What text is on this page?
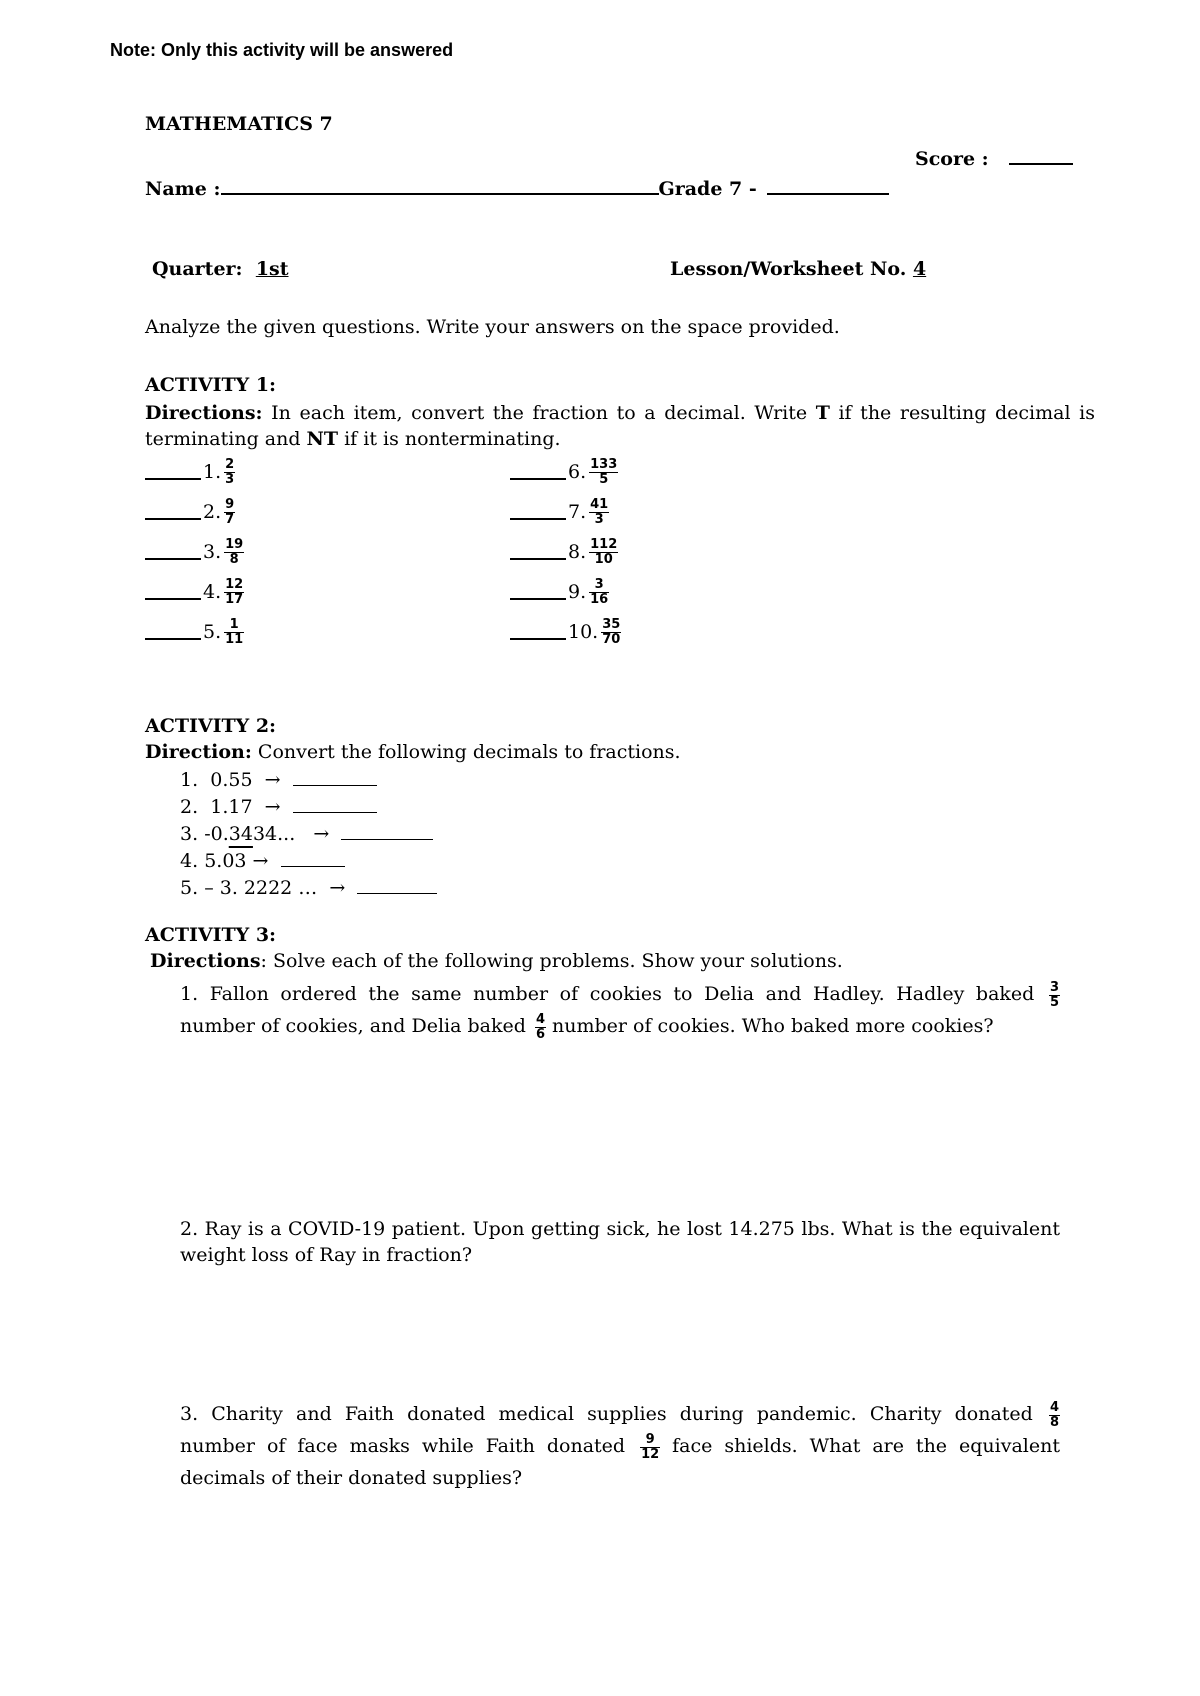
Note: Only this activity will be answered
MATHEMATICS 7
Score :
Name :	Grade 7 -
Quarter: 1st	Lesson/Worksheet No. 4
Analyze the given questions. Write your answers on the space provided.
ACTIVITY 1:
Directions: In each item, convert the fraction to a decimal. Write T if the resulting decimal is terminating and NT if it is nonterminating.
1. $\frac{2}{3}$
2. $\frac{9}{7}$
3. $\frac{19}{8}$
4. $\frac{12}{17}$
5. $\frac{1}{11}$
6. $\frac{133}{5}$
7. $\frac{41}{3}$
8. $\frac{112}{10}$
9. $\frac{3}{16}$
10. $\frac{35}{70}$
ACTIVITY 2:
Direction: Convert the following decimals to fractions.
1. 0.55 →
2. 1.17 →
3. -0.3434... →
4. 5.03 →
5. – 3. 2222 … →
ACTIVITY 3:
Directions: Solve each of the following problems. Show your solutions.
1. Fallon ordered the same number of cookies to Delia and Hadley. Hadley baked $\frac{3}{5}$
number of cookies, and Delia baked $\frac{4}{6}$ number of cookies. Who baked more cookies?
2. Ray is a COVID-19 patient. Upon getting sick, he lost 14.275 lbs. What is the equivalent weight loss of Ray in fraction?
3. Charity and Faith donated medical supplies during pandemic. Charity donated $\frac{4}{8}$
number of face masks while Faith donated $\frac{9}{12}$ face shields. What are the equivalent decimals of their donated supplies?
